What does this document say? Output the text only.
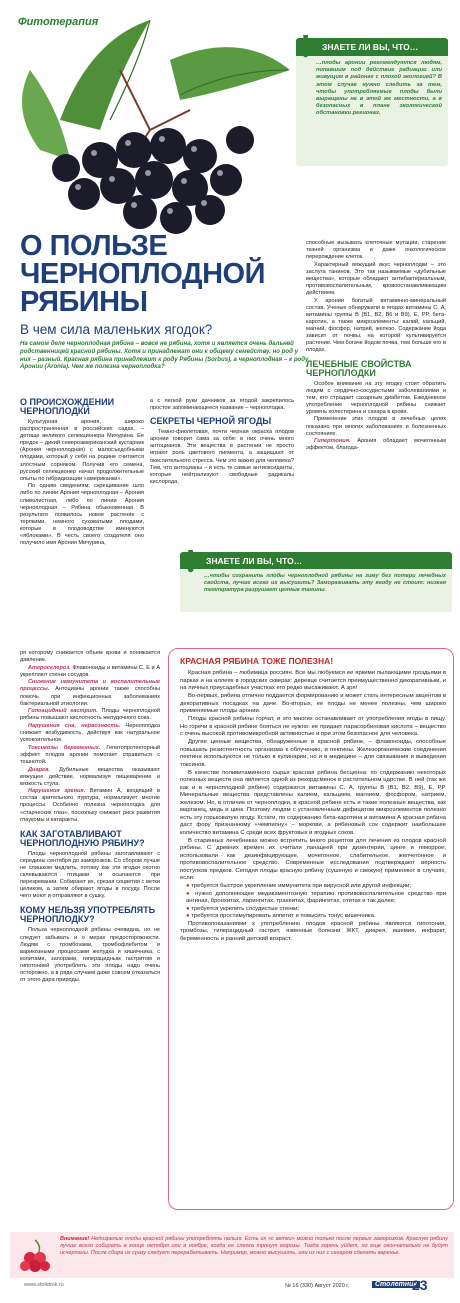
Фитотерапия
О ПОЛЬЗЕ ЧЕРНОПЛОДНОЙ РЯБИНЫ
В чем сила маленьких ягодок?
На самом деле черноплодная рябина – вовсе не рябина, хотя и является очень дальней родственницей красной рябины. Хотя и принадлежат они к общему семейству, но род у них – разный. Красная рябина принадлежит к роду Рябины (Sorbus), а черноплодная – к роду Аронии (Aronia). Чем же полезна черноплодка?
ЗНАЕТЕ ЛИ ВЫ, ЧТО…
! …плоды аронии рекомендуются людям, попавшим под действие радиации или живущим в районах с плохой экологией? В этом случае нужно следить за тем, чтобы употребляемые плоды были выращены не в этой же местности, а в безопасных в плане экологической обстановки регионах.
О ПРОИСХОЖДЕНИИ ЧЕРНОПЛОДКИ

Культурная арония, широко распространенная в российских садах, – детище великого селекционера Мичурина. Ее предок – дикий североамериканский кустарник (Арония черноплодная) с малосъедобными плодами, который у себя на родине считается злостным сорняком. Получив его семена, русский селекционер начал продолжительные опыты по гибридизации «американки».

По одним сведениям, скрещивание шло либо по линии Арония черноплодная – Арония сливолистная, либо по линии Арония черноплодная – Рябина обыкновенная. В результате появилось новое растение с терпкими, немного суховатыми плодами, которые в плодоводстве именуются «яблоками». В честь своего создателя оно получило имя Арония Мичурина,

а с легкой руки дачников за ягодой закрепилось простое запоминающееся название – черноплодка.

СЕКРЕТЫ ЧЕРНОЙ ЯГОДЫ

Темно-фиолетовая, почти черная окраска плодов аронии говорит сама за себя: в них очень много антоцианов. Эти вещества в растении не просто играют роль цветового пигмента, а защищают от окислительного стресса. Чем это важно для человека? Тем, что антоцианы – и есть те самые антиоксиданты, которые нейтрализуют свободные радикалы кислорода,

способные вызывать клеточные мутации, старение тканей организма и даже онкологическое перерождение клеток.

Характерный вяжущий вкус черноплодки – это заслуга танинов. Это так называемые «дубильные вещества», которые обладают антибактериальным, противовоспалительным, кровоостанавливающим действием.

У аронии богатый витаминно-минеральный состав. Ученые обнаружили в ягодах витамины С, А, витамины группы В (В1, В2, В6 и В9), Е, РР, бета-каротин, а также микроэлементы: калий, кальций, магний, фосфор, натрий, железо. Содержание йода зависит от почвы, на которой культивируется растение. Чем богаче йодом почва, тем больше его в плодах.

ЛЕЧЕБНЫЕ СВОЙСТВА ЧЕРНОПЛОДКИ

Особое внимание на эту ягодку стоит обратить людям с сердечно-сосудистыми заболеваниями и тем, кто страдает сахарным диабетом. Ежедневное употребление черноплодной рябины снижает уровень холестерина и сахара в крови.

Применение этих плодов в лечебных целях показано при многих заболеваниях и болезненных состояниях.

Гипертония. Арония обладает мочегонным эффектом, благода-

ЗНАЕТЕ ЛИ ВЫ, ЧТО…
! …чтобы сохранить плоды черноплодной рябины на зиму без потери лечебных свойств, лучше всего их высушить? Замораживать эту ягоду не стоит: низкая температура разрушает ценные танины.

ря которому снижается объем крови и понижается давление.

Атеросклероз. Флавоноиды и витамины С, Е и А укрепляют стенки сосудов.

Снижение иммунитета и воспалительные процессы. Антоцианы аронии также способны помочь при инфекционных заболеваниях бактериальной этиологии.

Гипоацидный гастрит. Плоды черноплодной рябины повышают кислотность желудочного сока.

Нарушения сна, нервозность. Черноплодка снижает возбудимость, действуя как натуральное успокоительное.

Токсикозы беременных. Гепатопротекторный эффект плодов аронии помогает справиться с тошнотой.

Диарея. Дубильные вещества оказывают вяжущее действие, нормализуя пищеварение и вязкость стула.

Нарушения зрения. Витамин А, входящий в состав зрительного пурпура, нормализует многие процессы. Особенно полезна черноплодка для «старческих глаз», поскольку снижает риск развития глаукомы и катаракты.

КАК ЗАГОТАВЛИВАЮТ ЧЕРНОПЛОДНУЮ РЯБИНУ?

Плоды черноплодной рябины заготавливают с середины сентября до заморозков. Со сбором лучше не слишком медлить, потому как эти ягодки охотно склевываются птицами и осыпаются при перезревании. Собирают их, срезая соцветия с ветки целиком, а затем обирают ягоды в посуду. После чего моют и отправляют в сушку.

КОМУ НЕЛЬЗЯ УПОТРЕБЛЯТЬ ЧЕРНОПЛОДКУ?

Польза черноплодной рябины очевидна, но не следует забывать и о мерах предосторожности. Людям с тромбозами, тромбофлебитом и варикозными процессами желудка и кишечника, с колитами, запорами, гиперацидным гастритом и гипотонией употреблять эти плоды надо очень осторожно, а в ряде случаев даже совсем отказаться от этого дара природы.

КРАСНАЯ РЯБИНА ТОЖЕ ПОЛЕЗНА!

Красная рябина – любимица россиян. Все мы любуемся ее яркими пылающими гроздьями в парках и на аллеях в городских скверах: деревце считается преимущественно декоративным, и на личных приусадебных участках его редко высаживают. А зря!

Во-первых, рябина отлично поддается формированию и может стать интересным акцентом в декоративных посадках на даче. Во-вторых, ее плоды не менее полезны, чем широко применяемые плоды аронии.

Плоды красной рябины горчат, и это многих останавливает от употребления ягоды в пищу. Но горечи в красной рябине бояться не нужно: ее придает парасорбиновая кислота – вещество с очень высокой противомикробной активностью и при этом безопасное для человека.

Другие ценные вещества, обнаруженные в красной рябине, – флавоноиды, способные повышать резистентность организма к облучению, и пектины. Железорганические соединения пектина используются не только в кулинарии, но и в медицине – для связывания и выведения токсинов.

В качестве поливитаминного сырья красная рябина бесценна: по содержанию некоторых полезных веществ она является одной из рекордсменок в растительном царстве. В ней (так же как и в черноплодной рябине) содержатся витамины С, А, группы В (В1, В2, В9), Е, РР. Минеральные вещества представлены калием, кальцием, магнием, фосфором, натрием, железом. Но, в отличие от черноплодки, в красной рябине есть и такие полезные вещества, как марганец, медь и цинк. Поэтому людям с установленным дефицитом микроэлементов полезно есть эту горьковатую ягоду. Кстати, по содержанию бета-каротина и витамина А красная рябина даст фору признанному «чемпиону» – моркови, а рябиновый сок содержит наибольшее количество витамина С среди всех фруктовых и ягодных соков.

В старинных лечебниках можно встретить много рецептов для лечения из плодов красной рябины. С древних времен их считали панацеей при дизентерии, цинге и геморрое, использовали как дезинфицирующее, мочегонное, слабительное, желчегонное и противовоспалительное средство. Современные исследования подтверждают верность поступков предков. Сегодня плоды красную рябину (сушеную и свежую) применяют в случаях, если:

● требуется быстрое укрепление иммунитета при вирусной или другой инфекции;
● нужно дополняющее медикаментозную терапию противовоспалительное средство при ангинах, бронхитах, ларингитах, трахеитах, фарингитах, отитах и так далее;
● требуется укрепить сосудистые стенки;
● требуется простимулировать аппетит и повысить тонус кишечника.

Противопоказаниями к употреблению плодов красной рябины являются гипотония, тромбозы, гиперацидный гастрит, язвенные болезни ЖКТ, диарея, ишемия, инфаркт, беременность и ранний детский возраст.

Внимание! Недозрелые плоды красной рябины употреблять нельзя. Есть их «с ветки» можно только после первых заморозков. Красную рябину лучше всего собирать в конце октября или в ноябре, когда ее слегка тронут морозы. Тогда горечь уйдет, но еще окончательно не будут исчерпаны. После сбора их сразу следует перерабатывать. Например, можно высушить, или из них с сахаром сделать варенье.
www.stoletnik.ru	№ 16 (330) Август 2020 г.	Столетник
23
